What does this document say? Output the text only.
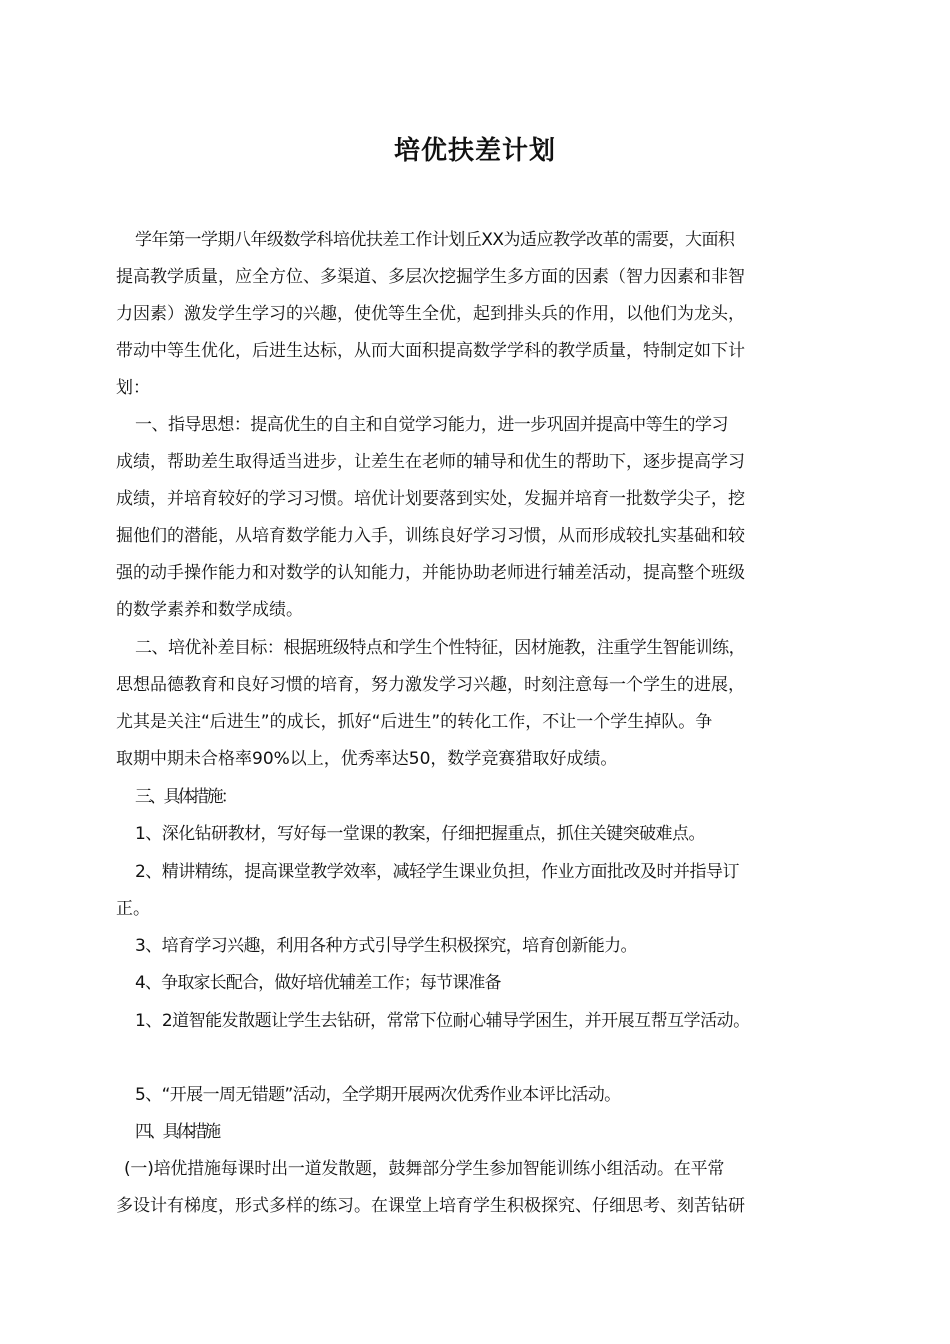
培优扶差计划
学年第一学期八年级数学科培优扶差工作计划丘XX为适应教学改革的需要，大面积
提高教学质量，应全方位、多渠道、多层次挖掘学生多方面的因素（智力因素和非智
力因素）激发学生学习的兴趣，使优等生全优，起到排头兵的作用，以他们为龙头，
带动中等生优化，后进生达标，从而大面积提高数学学科的教学质量，特制定如下计
划：
一、指导思想：提高优生的自主和自觉学习能力，进一步巩固并提高中等生的学习
成绩，帮助差生取得适当进步，让差生在老师的辅导和优生的帮助下，逐步提高学习
成绩，并培育较好的学习习惯。培优计划要落到实处，发掘并培育一批数学尖子，挖
掘他们的潜能，从培育数学能力入手，训练良好学习习惯，从而形成较扎实基础和较
强的动手操作能力和对数学的认知能力，并能协助老师进行辅差活动，提高整个班级
的数学素养和数学成绩。
二、培优补差目标：根据班级特点和学生个性特征，因材施教，注重学生智能训练，
思想品德教育和良好习惯的培育，努力激发学习兴趣，时刻注意每一个学生的进展，
尤其是关注“后进生”的成长，抓好“后进生”的转化工作，不让一个学生掉队。争
取期中期未合格率90%以上，优秀率达50，数学竞赛猎取好成绩。
三、具体措施：
1、深化钻研教材，写好每一堂课的教案，仔细把握重点，抓住关键突破难点。
2、精讲精练，提高课堂教学效率，减轻学生课业负担，作业方面批改及时并指导订
正。
3、培育学习兴趣，利用各种方式引导学生积极探究，培育创新能力。
4、争取家长配合，做好培优辅差工作；每节课准备
1、2道智能发散题让学生去钻研，常常下位耐心辅导学困生，并开展互帮互学活动。
5、“开展一周无错题”活动，全学期开展两次优秀作业本评比活动。
四、具体措施
(一)培优措施每课时出一道发散题，鼓舞部分学生参加智能训练小组活动。在平常
多设计有梯度，形式多样的练习。在课堂上培育学生积极探究、仔细思考、刻苦钻研
